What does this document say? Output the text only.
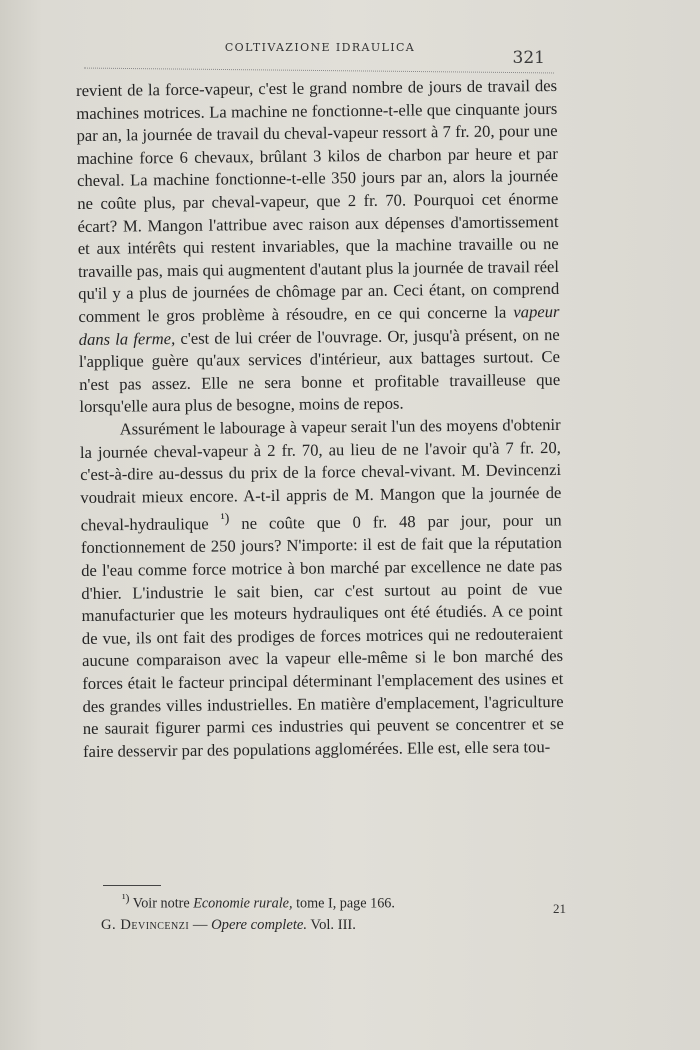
COLTIVAZIONE IDRAULICA
321

revient de la force-vapeur, c'est le grand nombre de jours de travail des machines motrices. La machine ne fonctionne-t-elle que cinquante jours par an, la journée de travail du cheval-vapeur ressort à 7 fr. 20, pour une machine force 6 chevaux, brûlant 3 kilos de charbon par heure et par cheval. La machine fonctionne-t-elle 350 jours par an, alors la journée ne coûte plus, par cheval-vapeur, que 2 fr. 70. Pourquoi cet énorme écart? M. Mangon l'attribue avec raison aux dépenses d'amortissement et aux intérêts qui restent invariables, que la machine travaille ou ne travaille pas, mais qui augmentent d'autant plus la journée de travail réel qu'il y a plus de journées de chômage par an. Ceci étant, on comprend comment le gros problème à résoudre, en ce qui concerne la vapeur dans la ferme, c'est de lui créer de l'ouvrage. Or, jusqu'à présent, on ne l'applique guère qu'aux services d'intérieur, aux battages surtout. Ce n'est pas assez. Elle ne sera bonne et profitable travailleuse que lorsqu'elle aura plus de besogne, moins de repos.

Assurément le labourage à vapeur serait l'un des moyens d'obtenir la journée cheval-vapeur à 2 fr. 70, au lieu de ne l'avoir qu'à 7 fr. 20, c'est-à-dire au-dessus du prix de la force cheval-vivant. M. Devincenzi voudrait mieux encore. A-t-il appris de M. Mangon que la journée de cheval-hydraulique $^{^1)}$ ne coûte que 0 fr. 48 par jour, pour un fonctionnement de 250 jours? N'importe: il est de fait que la réputation de l'eau comme force motrice à bon marché par excellence ne date pas d'hier. L'industrie le sait bien, car c'est surtout au point de vue manufacturier que les moteurs hydrauliques ont été étudiés. A ce point de vue, ils ont fait des prodiges de forces motrices qui ne redouteraient aucune comparaison avec la vapeur elle-même si le bon marché des forces était le facteur principal déterminant l'emplacement des usines et des grandes villes industrielles. En matière d'emplacement, l'agriculture ne saurait figurer parmi ces industries qui peuvent se concentrer et se faire desservir par des populations agglomérées. Elle est, elle sera tou-

$^{^1)}$ Voir notre Economie rurale, tome I, page 166.	21
G. Devincenzi — Opere complete. Vol. III.
